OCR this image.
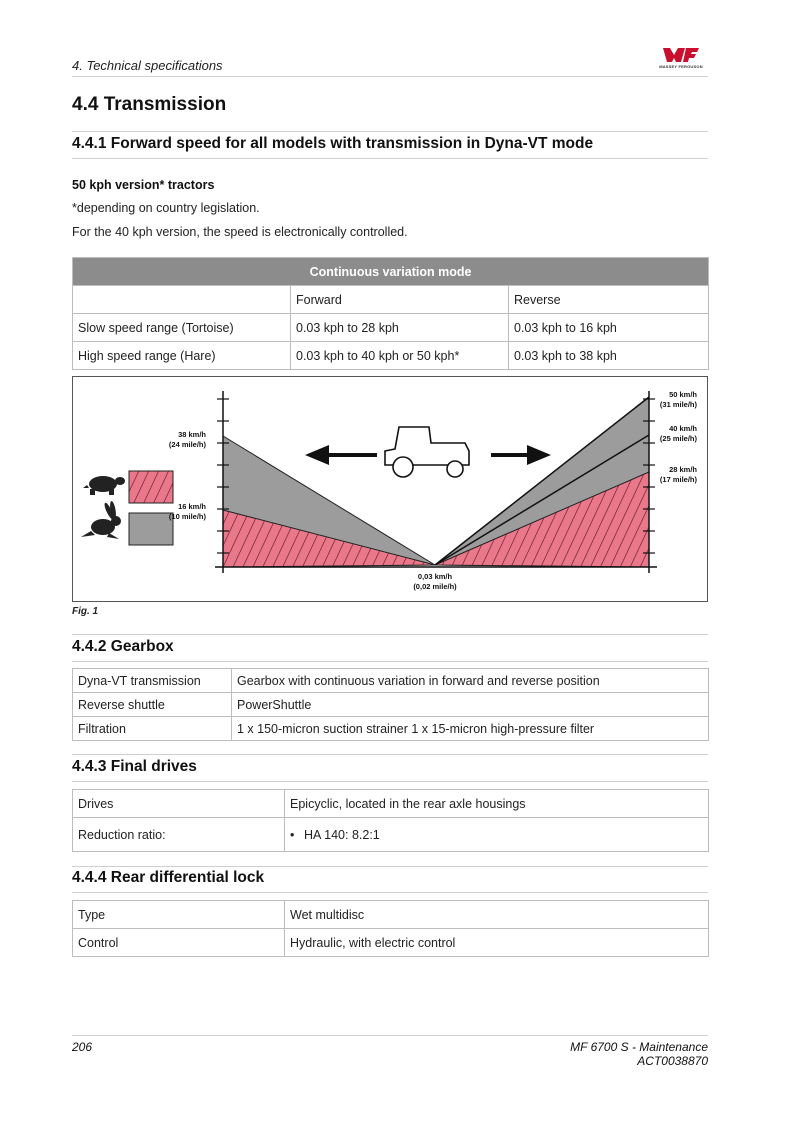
4. Technical specifications	MASSEY FERGUSON
4.4 Transmission
4.4.1 Forward speed for all models with transmission in Dyna-VT mode
50 kph version* tractors
*depending on country legislation.
For the 40 kph version, the speed is electronically controlled.
Continuous variation mode		
	Forward	Reverse
Slow speed range (Tortoise)	0.03 kph to 28 kph	0.03 kph to 16 kph
High speed range (Hare)	0.03 kph to 40 kph or 50 kph*	0.03 kph to 38 kph
38 km/h
(24 mile/h)
16 km/h
(10 mile/h)
50 km/h
(31 mile/h)
40 km/h
(25 mile/h)
28 km/h
(17 mile/h)
0,03 km/h
(0,02 mile/h)
Fig. 1
4.4.2 Gearbox
Dyna-VT transmission	Gearbox with continuous variation in forward and reverse position
Reverse shuttle	PowerShuttle
Filtration	1 x 150-micron suction strainer 1 x 15-micron high-pressure filter
4.4.3 Final drives
Drives	Epicyclic, located in the rear axle housings
Reduction ratio:	• HA 140: 8.2:1
4.4.4 Rear differential lock
Type	Wet multidisc
Control	Hydraulic, with electric control
206	MF 6700 S - Maintenance
ACT0038870
